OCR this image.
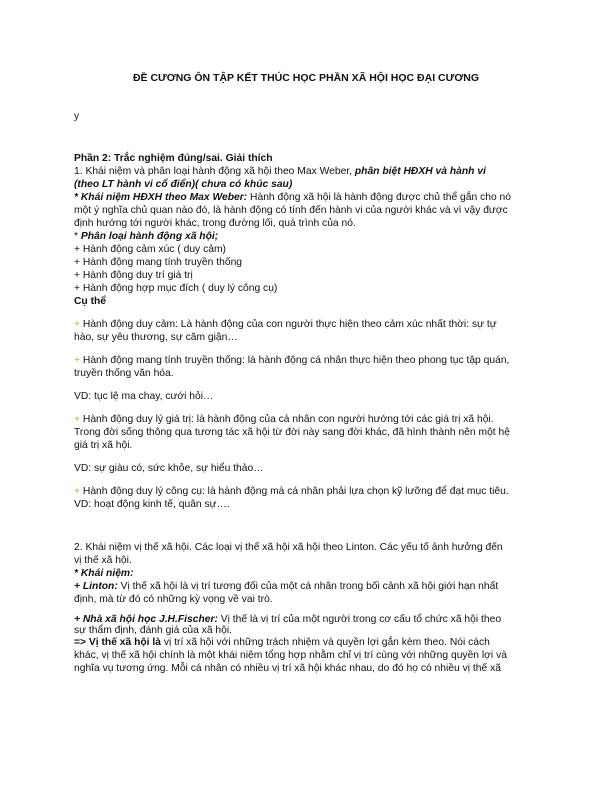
ĐỀ CƯƠNG ÔN TẬP KẾT THÚC HỌC PHẦN XÃ HỘI HỌC ĐẠI CƯƠNG
y
Phần 2: Trắc nghiệm đúng/sai. Giải thích
1. Khái niệm và phân loại hành động xã hội theo Max Weber, phân biệt HĐXH và hành vi
(theo LT hành vi cổ điển)( chưa có khúc sau)
* Khái niệm HĐXH theo Max Weber: Hành động xã hội là hành động được chủ thể gắn cho nó
một ý nghĩa chủ quan nào đó, là hành động có tính đến hành vi của người khác và vì vậy được
định hướng tới người khác, trong đường lối, quá trình của nó.
* Phân loại hành động xã hội;
+ Hành động cảm xúc ( duy cảm)
+ Hành động mang tính truyền thống
+ Hành động duy trí giá trị
+ Hành động hợp mục đích ( duy lý công cụ)
Cụ thể
+ Hành động duy cảm: Là hành động của con người thực hiện theo cảm xúc nhất thời: sự tự
hào, sự yêu thương, sự căm giận…
+ Hành động mang tính truyền thống: là hành động cá nhân thực hiện theo phong tục tập quán,
truyền thống văn hóa.
VD: tục lệ ma chay, cưới hỏi…
+ Hành động duy lý giá trị: là hành động của cá nhân con người hướng tới các giá trị xã hội.
Trong đời sống thông qua tương tác xã hội từ đời này sang đời khác, đã hình thành nên một hệ
giá trị xã hội.
VD: sự giàu có, sức khỏe, sự hiểu thảo…
+ Hành động duy lý công cụ: là hành động mà cá nhân phải lựa chọn kỹ lưỡng để đạt mục tiêu.
VD: hoạt động kinh tế, quân sự….
2. Khái niệm vị thế xã hội. Các loại vị thế xã hội xã hội theo Linton. Các yếu tố ảnh hưởng đến
vị thế xã hội.
* Khái niệm:
+ Linton: Vị thế xã hội là vị trí tương đối của một cá nhân trong bối cảnh xã hội giới hạn nhất
định, mà từ đó có những kỳ vọng về vai trò.
+ Nhà xã hội học J.H.Fischer: Vị thế là vị trí của một người trong cơ cấu tổ chức xã hội theo
sự thẩm định, đánh giá của xã hội.
=> Vị thế xã hội là vị trí xã hội với những trách nhiệm và quyền lợi gắn kèm theo. Nói cách
khác, vị thế xã hội chính là một khái niệm tổng hợp nhằm chỉ vị trí cùng với những quyền lợi và
nghĩa vụ tương ứng. Mỗi cá nhân có nhiều vị trí xã hội khác nhau, do đó họ có nhiều vị thế xã
